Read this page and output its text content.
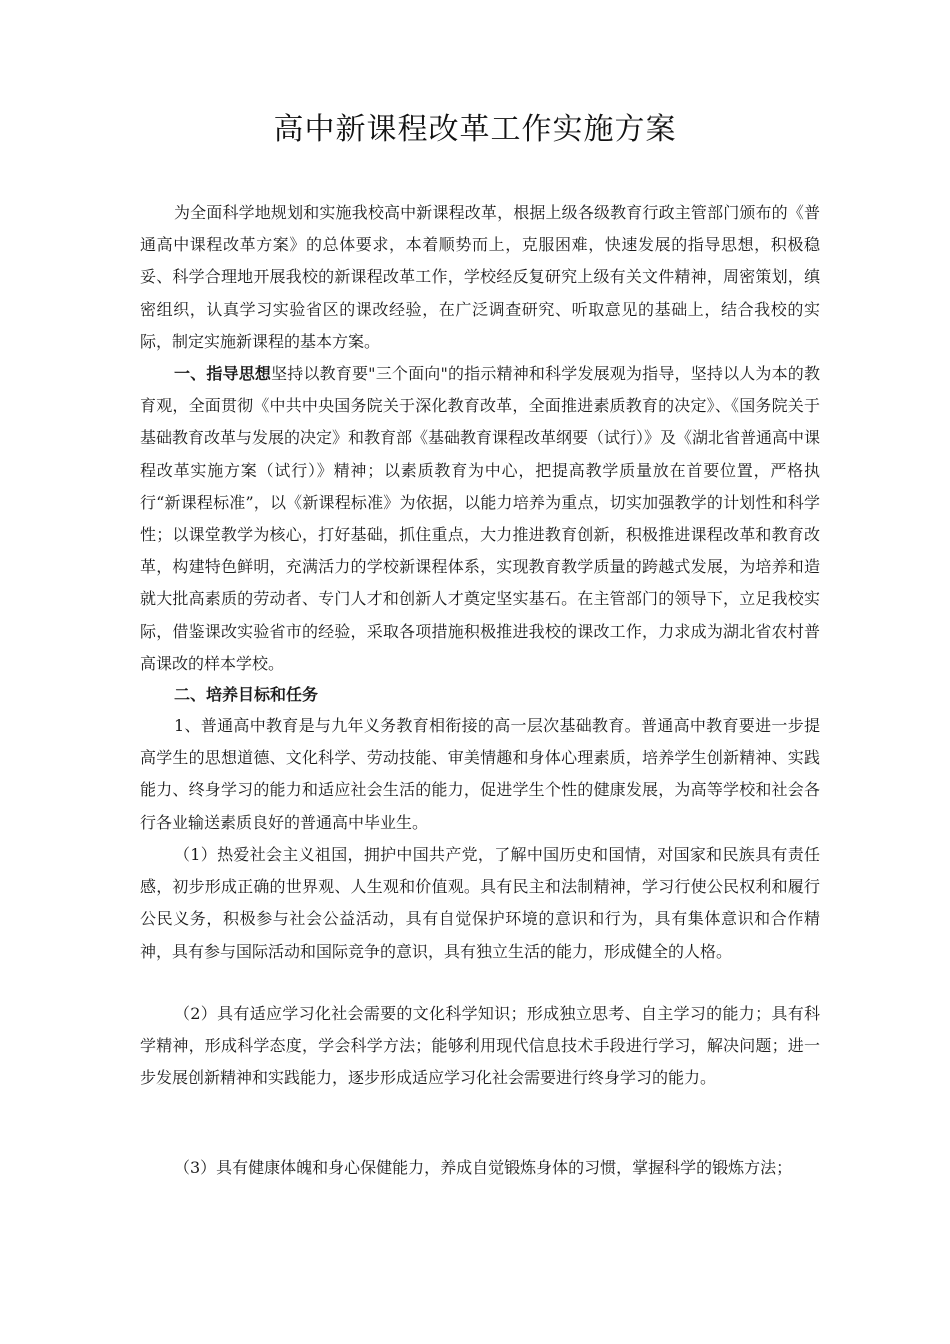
高中新课程改革工作实施方案

为全面科学地规划和实施我校高中新课程改革，根据上级各级教育行政主管部门颁布的《普通高中课程改革方案》的总体要求，本着顺势而上，克服困难，快速发展的指导思想，积极稳妥、科学合理地开展我校的新课程改革工作，学校经反复研究上级有关文件精神，周密策划，缜密组织，认真学习实验省区的课改经验，在广泛调查研究、听取意见的基础上，结合我校的实际，制定实施新课程的基本方案。

一、指导思想坚持以教育要"三个面向"的指示精神和科学发展观为指导，坚持以人为本的教育观，全面贯彻《中共中央国务院关于深化教育改革，全面推进素质教育的决定》、《国务院关于基础教育改革与发展的决定》和教育部《基础教育课程改革纲要（试行）》及《湖北省普通高中课程改革实施方案（试行）》精神；以素质教育为中心，把提高教学质量放在首要位置，严格执行“新课程标准”，以《新课程标准》为依据，以能力培养为重点，切实加强教学的计划性和科学性；以课堂教学为核心，打好基础，抓住重点，大力推进教育创新，积极推进课程改革和教育改革，构建特色鲜明，充满活力的学校新课程体系，实现教育教学质量的跨越式发展，为培养和造就大批高素质的劳动者、专门人才和创新人才奠定坚实基石。在主管部门的领导下，立足我校实际，借鉴课改实验省市的经验，采取各项措施积极推进我校的课改工作，力求成为湖北省农村普高课改的样本学校。

二、培养目标和任务

1、普通高中教育是与九年义务教育相衔接的高一层次基础教育。普通高中教育要进一步提高学生的思想道德、文化科学、劳动技能、审美情趣和身体心理素质，培养学生创新精神、实践能力、终身学习的能力和适应社会生活的能力，促进学生个性的健康发展，为高等学校和社会各行各业输送素质良好的普通高中毕业生。

（1）热爱社会主义祖国，拥护中国共产党，了解中国历史和国情，对国家和民族具有责任感，初步形成正确的世界观、人生观和价值观。具有民主和法制精神，学习行使公民权利和履行公民义务，积极参与社会公益活动，具有自觉保护环境的意识和行为，具有集体意识和合作精神，具有参与国际活动和国际竞争的意识，具有独立生活的能力，形成健全的人格。

（2）具有适应学习化社会需要的文化科学知识；形成独立思考、自主学习的能力；具有科学精神，形成科学态度，学会科学方法；能够利用现代信息技术手段进行学习，解决问题；进一步发展创新精神和实践能力，逐步形成适应学习化社会需要进行终身学习的能力。

（3）具有健康体魄和身心保健能力，养成自觉锻炼身体的习惯，掌握科学的锻炼方法；
